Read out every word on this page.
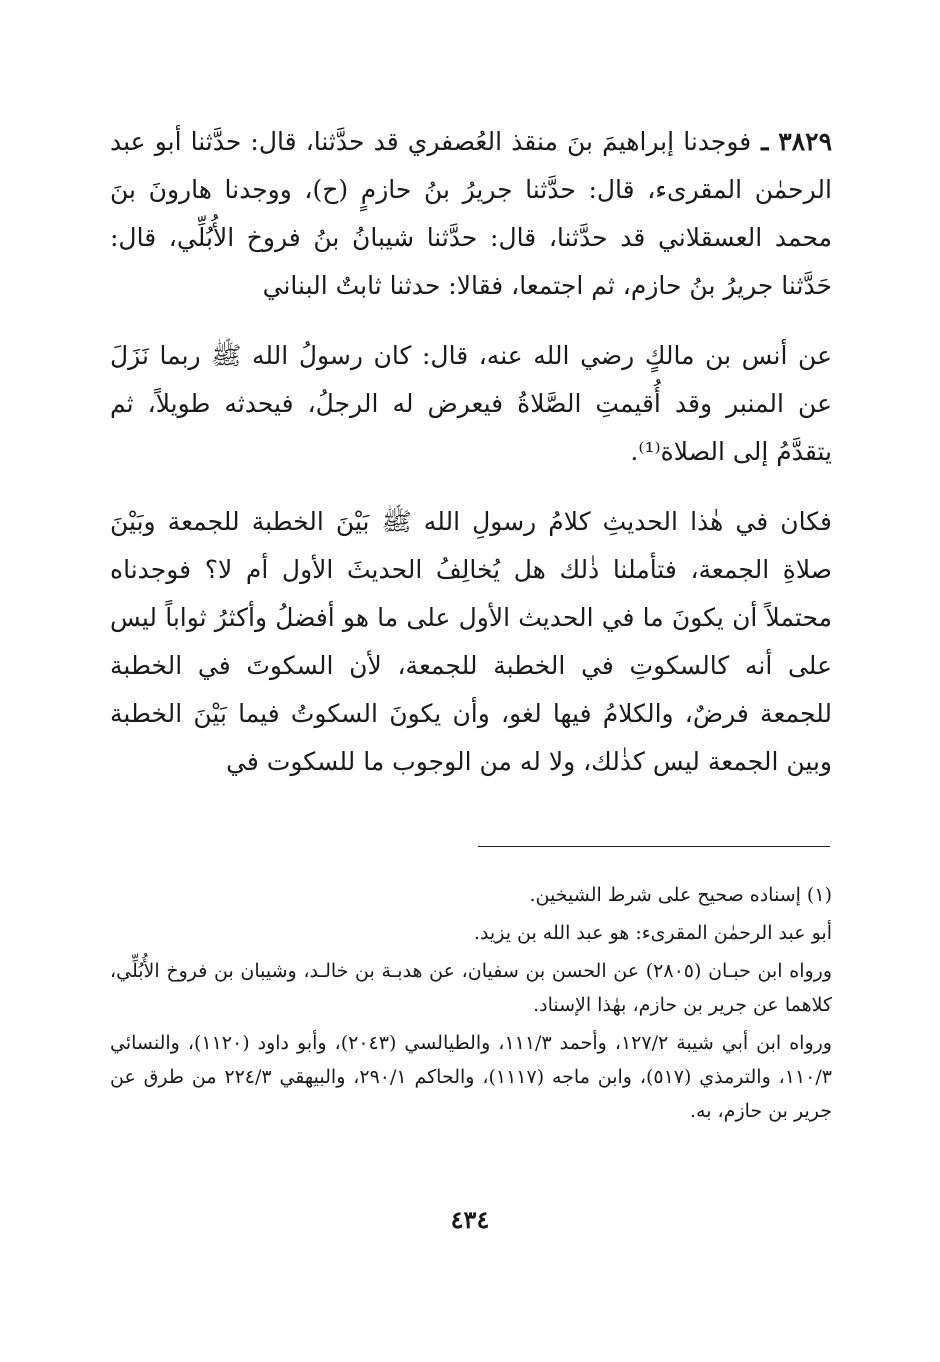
٣٨٢٩ ـ فوجدنا إبراهيمَ بنَ منقذ العُصفري قد حدَّثنا، قال: حدَّثنا أبو عبد الرحمٰن المقرىء، قال: حدَّثنا جريرُ بنُ حازمٍ (ح)، ووجدنا هارونَ بنَ محمد العسقلاني قد حدَّثنا، قال: حدَّثنا شيبانُ بنُ فروخ الأُبُلِّي، قال: حَدَّثنا جريرُ بنُ حازم، ثم اجتمعا، فقالا: حدثنا ثابتٌ البناني

عن أنس بن مالكٍ رضي الله عنه، قال: كان رسولُ الله ﷺ ربما نَزَلَ عن المنبر وقد أُقيمتِ الصَّلاةُ فيعرض له الرجلُ، فيحدثه طويلاً، ثم يتقدَّمُ إلى الصلاة⁽¹⁾.

فكان في هٰذا الحديثِ كلامُ رسولِ الله ﷺ بَيْنَ الخطبة للجمعة وبَيْنَ صلاةِ الجمعة، فتأملنا ذٰلك هل يُخالِفُ الحديثَ الأول أم لا؟ فوجدناه محتملاً أن يكونَ ما في الحديث الأول على ما هو أفضلُ وأكثرُ ثواباً ليس على أنه كالسكوتِ في الخطبة للجمعة، لأن السكوتَ في الخطبة للجمعة فرضٌ، والكلامُ فيها لغو، وأن يكونَ السكوتُ فيما بَيْنَ الخطبة وبين الجمعة ليس كذٰلك، ولا له من الوجوب ما للسكوت في

(١) إسناده صحيح على شرط الشيخين.

أبو عبد الرحمٰن المقرىء: هو عبد الله بن يزيد.

ورواه ابن حبـان (٢٨٠٥) عن الحسن بن سفيان، عن هدبـة بن خالـد، وشيبان بن فروخ الأُبُلِّي، كلاهما عن جرير بن حازم، بهٰذا الإسناد.

ورواه ابن أبي شيبة ١٢٧/٢، وأحمد ١١١/٣، والطيالسي (٢٠٤٣)، وأبو داود (١١٢٠)، والنسائي ١١٠/٣، والترمذي (٥١٧)، وابن ماجه (١١١٧)، والحاكم ٢٩٠/١، والبيهقي ٢٢٤/٣ من طرق عن جرير بن حازم، به.

٤٣٤
